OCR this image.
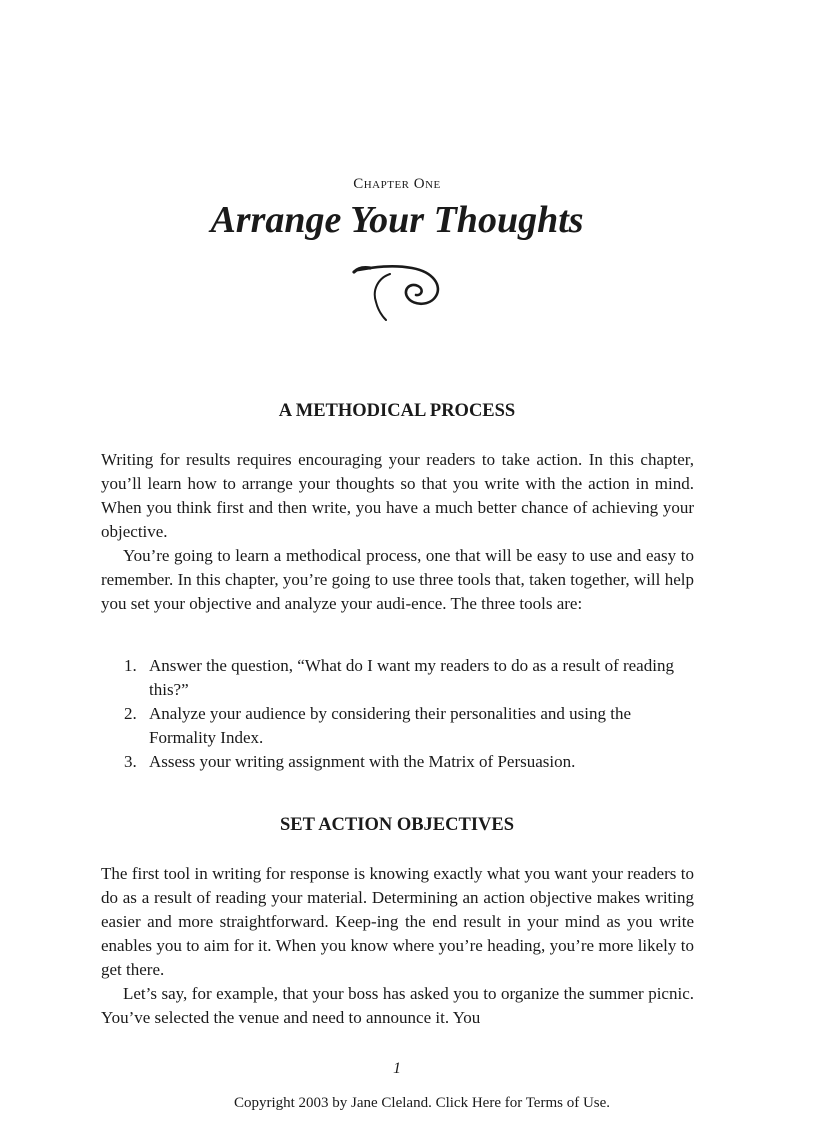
Chapter One
Arrange Your Thoughts
A METHODICAL PROCESS

Writing for results requires encouraging your readers to take action. In this chapter, you’ll learn how to arrange your thoughts so that you write with the action in mind. When you think first and then write, you have a much better chance of achieving your objective.

You’re going to learn a methodical process, one that will be easy to use and easy to remember. In this chapter, you’re going to use three tools that, taken together, will help you set your objective and analyze your audi-ence. The three tools are:

1. Answer the question, “What do I want my readers to do as a result of reading this?”
2. Analyze your audience by considering their personalities and using the Formality Index.
3. Assess your writing assignment with the Matrix of Persuasion.
SET ACTION OBJECTIVES

The first tool in writing for response is knowing exactly what you want your readers to do as a result of reading your material. Determining an action objective makes writing easier and more straightforward. Keep-ing the end result in your mind as you write enables you to aim for it. When you know where you’re heading, you’re more likely to get there.

Let’s say, for example, that your boss has asked you to organize the summer picnic. You’ve selected the venue and need to announce it. You

1
Copyright 2003 by Jane Cleland. Click Here for Terms of Use.
